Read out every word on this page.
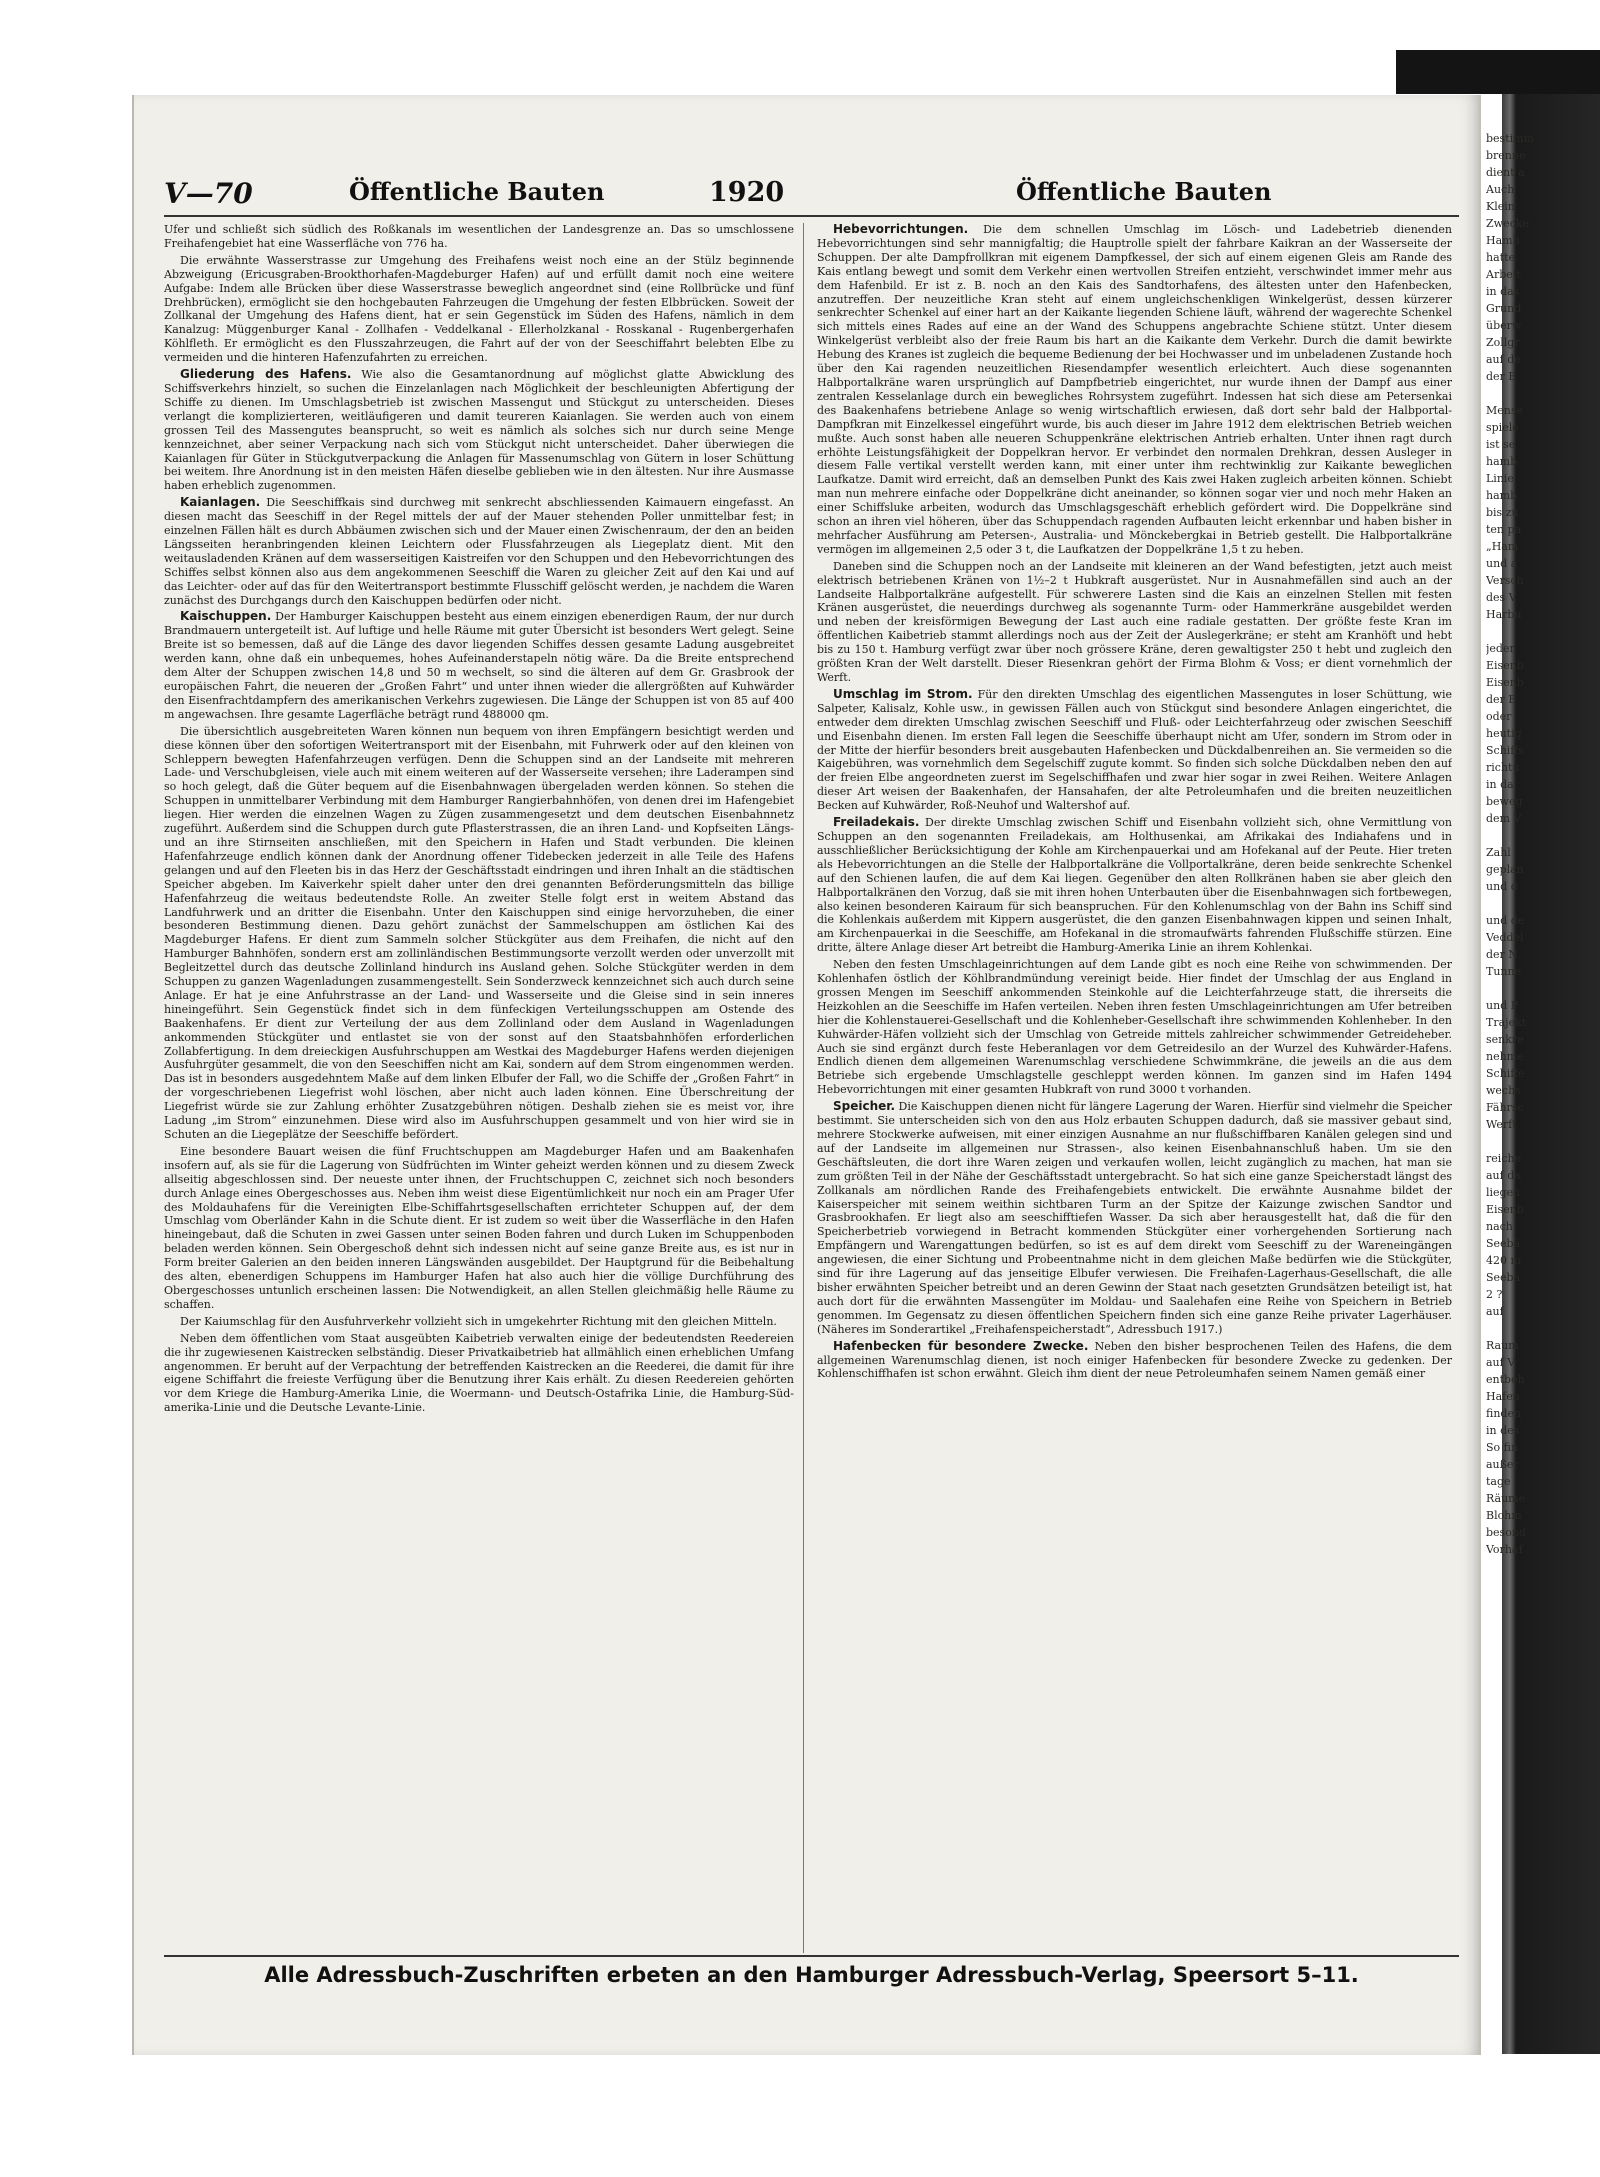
V—70	Öffentliche Bauten	1920	Öffentliche Bauten

Ufer und schließt sich südlich des Roßkanals im wesentlichen der Landesgrenze an. Das so umschlossene Freihafengebiet hat eine Wasserfläche von 776 ha.

Die erwähnte Wasserstrasse zur Umgehung des Freihafens weist noch eine an der Stülz beginnende Abzweigung (Ericusgraben-Brookthorhafen-Magdeburger Hafen) auf und erfüllt damit noch eine weitere Aufgabe: Indem alle Brücken über diese Wasserstrasse beweglich angeordnet sind (eine Rollbrücke und fünf Drehbrücken), ermöglicht sie den hochgebauten Fahrzeugen die Umgehung der festen Elbbrücken. Soweit der Zollkanal der Umgehung des Hafens dient, hat er sein Gegenstück im Süden des Hafens, nämlich in dem Kanalzug: Müggenburger Kanal - Zollhafen - Veddelkanal - Ellerholzkanal - Rosskanal - Rugenbergerhafen Köhlfleth. Er ermöglicht es den Flusszahrzeugen, die Fahrt auf der von der Seeschiffahrt belebten Elbe zu vermeiden und die hinteren Hafenzufahrten zu erreichen.

Gliederung des Hafens. Wie also die Gesamtanordnung auf möglichst glatte Abwicklung des Schiffsverkehrs hinzielt, so suchen die Einzelanlagen nach Möglichkeit der beschleunigten Abfertigung der Schiffe zu dienen. Im Umschlagsbetrieb ist zwischen Massengut und Stückgut zu unterscheiden. Dieses verlangt die komplizierteren, weitläufigeren und damit teureren Kaianlagen. Sie werden auch von einem grossen Teil des Massengutes beansprucht, so weit es nämlich als solches sich nur durch seine Menge kennzeichnet, aber seiner Verpackung nach sich vom Stückgut nicht unterscheidet. Daher überwiegen die Kaianlagen für Güter in Stückgutverpackung die Anlagen für Massenumschlag von Gütern in loser Schüttung bei weitem. Ihre Anordnung ist in den meisten Häfen dieselbe geblieben wie in den ältesten. Nur ihre Ausmasse haben erheblich zugenommen.

Kaianlagen. Die Seeschiffkais sind durchweg mit senkrecht abschliessenden Kaimauern eingefasst. An diesen macht das Seeschiff in der Regel mittels der auf der Mauer stehenden Poller unmittelbar fest; in einzelnen Fällen hält es durch Abbäumen zwischen sich und der Mauer einen Zwischenraum, der den an beiden Längsseiten heranbringenden kleinen Leichtern oder Flussfahrzeugen als Liegeplatz dient. Mit den weitausladenden Kränen auf dem wasserseitigen Kaistreifen vor den Schuppen und den Hebevorrichtungen des Schiffes selbst können also aus dem angekommenen Seeschiff die Waren zu gleicher Zeit auf den Kai und auf das Leichter- oder auf das für den Weitertransport bestimmte Flusschiff gelöscht werden, je nachdem die Waren zunächst des Durchgangs durch den Kaischuppen bedürfen oder nicht.

Kaischuppen. Der Hamburger Kaischuppen besteht aus einem einzigen ebenerdigen Raum, der nur durch Brandmauern untergeteilt ist. Auf luftige und helle Räume mit guter Übersicht ist besonders Wert gelegt. Seine Breite ist so bemessen, daß auf die Länge des davor liegenden Schiffes dessen gesamte Ladung ausgebreitet werden kann, ohne daß ein unbequemes, hohes Aufeinanderstapeln nötig wäre. Da die Breite entsprechend dem Alter der Schuppen zwischen 14,8 und 50 m wechselt, so sind die älteren auf dem Gr. Grasbrook der europäischen Fahrt, die neueren der „Großen Fahrt“ und unter ihnen wieder die allergrößten auf Kuhwärder den Eisenfrachtdampfern des amerikanischen Verkehrs zugewiesen. Die Länge der Schuppen ist von 85 auf 400 m angewachsen. Ihre gesamte Lagerfläche beträgt rund 488000 qm.

Die übersichtlich ausgebreiteten Waren können nun bequem von ihren Empfängern besichtigt werden und diese können über den sofortigen Weitertransport mit der Eisenbahn, mit Fuhrwerk oder auf den kleinen von Schleppern bewegten Hafenfahrzeugen verfügen. Denn die Schuppen sind an der Landseite mit mehreren Lade- und Verschubgleisen, viele auch mit einem weiteren auf der Wasserseite versehen; ihre Laderampen sind so hoch gelegt, daß die Güter bequem auf die Eisenbahnwagen übergeladen werden können. So stehen die Schuppen in unmittelbarer Verbindung mit dem Hamburger Rangierbahnhöfen, von denen drei im Hafengebiet liegen. Hier werden die einzelnen Wagen zu Zügen zusammengesetzt und dem deutschen Eisenbahnnetz zugeführt. Außerdem sind die Schuppen durch gute Pflasterstrassen, die an ihren Land- und Kopfseiten Längs- und an ihre Stirnseiten anschließen, mit den Speichern in Hafen und Stadt verbunden. Die kleinen Hafenfahrzeuge endlich können dank der Anordnung offener Tidebecken jederzeit in alle Teile des Hafens gelangen und auf den Fleeten bis in das Herz der Geschäftsstadt eindringen und ihren Inhalt an die städtischen Speicher abgeben. Im Kaiverkehr spielt daher unter den drei genannten Beförderungsmitteln das billige Hafenfahrzeug die weitaus bedeutendste Rolle. An zweiter Stelle folgt erst in weitem Abstand das Landfuhrwerk und an dritter die Eisenbahn. Unter den Kaischuppen sind einige hervorzuheben, die einer besonderen Bestimmung dienen. Dazu gehört zunächst der Sammelschuppen am östlichen Kai des Magdeburger Hafens. Er dient zum Sammeln solcher Stückgüter aus dem Freihafen, die nicht auf den Hamburger Bahnhöfen, sondern erst am zollinländischen Bestimmungsorte verzollt werden oder unverzollt mit Begleitzettel durch das deutsche Zollinland hindurch ins Ausland gehen. Solche Stückgüter werden in dem Schuppen zu ganzen Wagenladungen zusammengestellt. Sein Sonderzweck kennzeichnet sich auch durch seine Anlage. Er hat je eine Anfuhrstrasse an der Land- und Wasserseite und die Gleise sind in sein inneres hineingeführt. Sein Gegenstück findet sich in dem fünfeckigen Verteilungsschuppen am Ostende des Baakenhafens. Er dient zur Verteilung der aus dem Zollinland oder dem Ausland in Wagenladungen ankommenden Stückgüter und entlastet sie von der sonst auf den Staatsbahnhöfen erforderlichen Zollabfertigung. In dem dreieckigen Ausfuhrschuppen am Westkai des Magdeburger Hafens werden diejenigen Ausfuhrgüter gesammelt, die von den Seeschiffen nicht am Kai, sondern auf dem Strom eingenommen werden. Das ist in besonders ausgedehntem Maße auf dem linken Elbufer der Fall, wo die Schiffe der „Großen Fahrt“ in der vorgeschriebenen Liegefrist wohl löschen, aber nicht auch laden können. Eine Überschreitung der Liegefrist würde sie zur Zahlung erhöhter Zusatzgebühren nötigen. Deshalb ziehen sie es meist vor, ihre Ladung „im Strom“ einzunehmen. Diese wird also im Ausfuhrschuppen gesammelt und von hier wird sie in Schuten an die Liegeplätze der Seeschiffe befördert.

Eine besondere Bauart weisen die fünf Fruchtschuppen am Magdeburger Hafen und am Baakenhafen insofern auf, als sie für die Lagerung von Südfrüchten im Winter geheizt werden können und zu diesem Zweck allseitig abgeschlossen sind. Der neueste unter ihnen, der Fruchtschuppen C, zeichnet sich noch besonders durch Anlage eines Obergeschosses aus. Neben ihm weist diese Eigentümlichkeit nur noch ein am Prager Ufer des Moldauhafens für die Vereinigten Elbe-Schiffahrtsgesellschaften errichteter Schuppen auf, der dem Umschlag vom Oberländer Kahn in die Schute dient. Er ist zudem so weit über die Wasserfläche in den Hafen hineingebaut, daß die Schuten in zwei Gassen unter seinen Boden fahren und durch Luken im Schuppenboden beladen werden können. Sein Obergeschoß dehnt sich indessen nicht auf seine ganze Breite aus, es ist nur in Form breiter Galerien an den beiden inneren Längswänden ausgebildet. Der Hauptgrund für die Beibehaltung des alten, ebenerdigen Schuppens im Hamburger Hafen hat also auch hier die völlige Durchführung des Obergeschosses untunlich erscheinen lassen: Die Notwendigkeit, an allen Stellen gleichmäßig helle Räume zu schaffen.

Der Kaiumschlag für den Ausfuhrverkehr vollzieht sich in umgekehrter Richtung mit den gleichen Mitteln.

Neben dem öffentlichen vom Staat ausgeübten Kaibetrieb verwalten einige der bedeutendsten Reedereien die ihr zugewiesenen Kaistrecken selbständig. Dieser Privatkaibetrieb hat allmählich einen erheblichen Umfang angenommen. Er beruht auf der Verpachtung der betreffenden Kaistrecken an die Reederei, die damit für ihre eigene Schiffahrt die freieste Verfügung über die Benutzung ihrer Kais erhält. Zu diesen Reedereien gehörten vor dem Kriege die Hamburg-Amerika Linie, die Woermann- und Deutsch-Ostafrika Linie, die Hamburg-Süd-amerika-Linie und die Deutsche Levante-Linie.

Hebevorrichtungen. Die dem schnellen Umschlag im Lösch- und Ladebetrieb dienenden Hebevorrichtungen sind sehr mannigfaltig; die Hauptrolle spielt der fahrbare Kaikran an der Wasserseite der Schuppen. Der alte Dampfrollkran mit eigenem Dampfkessel, der sich auf einem eigenen Gleis am Rande des Kais entlang bewegt und somit dem Verkehr einen wertvollen Streifen entzieht, verschwindet immer mehr aus dem Hafenbild. Er ist z. B. noch an den Kais des Sandtorhafens, des ältesten unter den Hafenbecken, anzutreffen. Der neuzeitliche Kran steht auf einem ungleichschenkligen Winkelgerüst, dessen kürzerer senkrechter Schenkel auf einer hart an der Kaikante liegenden Schiene läuft, während der wagerechte Schenkel sich mittels eines Rades auf eine an der Wand des Schuppens angebrachte Schiene stützt. Unter diesem Winkelgerüst verbleibt also der freie Raum bis hart an die Kaikante dem Verkehr. Durch die damit bewirkte Hebung des Kranes ist zugleich die bequeme Bedienung der bei Hochwasser und im unbeladenen Zustande hoch über den Kai ragenden neuzeitlichen Riesendampfer wesentlich erleichtert. Auch diese sogenannten Halbportalkräne waren ursprünglich auf Dampfbetrieb eingerichtet, nur wurde ihnen der Dampf aus einer zentralen Kesselanlage durch ein bewegliches Rohrsystem zugeführt. Indessen hat sich diese am Petersenkai des Baakenhafens betriebene Anlage so wenig wirtschaftlich erwiesen, daß dort sehr bald der Halbportal-Dampfkran mit Einzelkessel eingeführt wurde, bis auch dieser im Jahre 1912 dem elektrischen Betrieb weichen mußte. Auch sonst haben alle neueren Schuppenkräne elektrischen Antrieb erhalten. Unter ihnen ragt durch erhöhte Leistungsfähigkeit der Doppelkran hervor. Er verbindet den normalen Drehkran, dessen Ausleger in diesem Falle vertikal verstellt werden kann, mit einer unter ihm rechtwinklig zur Kaikante beweglichen Laufkatze. Damit wird erreicht, daß an demselben Punkt des Kais zwei Haken zugleich arbeiten können. Schiebt man nun mehrere einfache oder Doppelkräne dicht aneinander, so können sogar vier und noch mehr Haken an einer Schiffsluke arbeiten, wodurch das Umschlagsgeschäft erheblich gefördert wird. Die Doppelkräne sind schon an ihren viel höheren, über das Schuppendach ragenden Aufbauten leicht erkennbar und haben bisher in mehrfacher Ausführung am Petersen-, Australia- und Mönckebergkai in Betrieb gestellt. Die Halbportalkräne vermögen im allgemeinen 2,5 oder 3 t, die Laufkatzen der Doppelkräne 1,5 t zu heben.

Daneben sind die Schuppen noch an der Landseite mit kleineren an der Wand befestigten, jetzt auch meist elektrisch betriebenen Kränen von 1½–2 t Hubkraft ausgerüstet. Nur in Ausnahmefällen sind auch an der Landseite Halbportalkräne aufgestellt. Für schwerere Lasten sind die Kais an einzelnen Stellen mit festen Kränen ausgerüstet, die neuerdings durchweg als sogenannte Turm- oder Hammerkräne ausgebildet werden und neben der kreisförmigen Bewegung der Last auch eine radiale gestatten. Der größte feste Kran im öffentlichen Kaibetrieb stammt allerdings noch aus der Zeit der Auslegerkräne; er steht am Kranhöft und hebt bis zu 150 t. Hamburg verfügt zwar über noch grössere Kräne, deren gewaltigster 250 t hebt und zugleich den größten Kran der Welt darstellt. Dieser Riesenkran gehört der Firma Blohm & Voss; er dient vornehmlich der Werft.

Umschlag im Strom. Für den direkten Umschlag des eigentlichen Massengutes in loser Schüttung, wie Salpeter, Kalisalz, Kohle usw., in gewissen Fällen auch von Stückgut sind besondere Anlagen eingerichtet, die entweder dem direkten Umschlag zwischen Seeschiff und Fluß- oder Leichterfahrzeug oder zwischen Seeschiff und Eisenbahn dienen. Im ersten Fall legen die Seeschiffe überhaupt nicht am Ufer, sondern im Strom oder in der Mitte der hierfür besonders breit ausgebauten Hafenbecken und Dückdalbenreihen an. Sie vermeiden so die Kaigebühren, was vornehmlich dem Segelschiff zugute kommt. So finden sich solche Dückdalben neben den auf der freien Elbe angeordneten zuerst im Segelschiffhafen und zwar hier sogar in zwei Reihen. Weitere Anlagen dieser Art weisen der Baakenhafen, der Hansahafen, der alte Petroleumhafen und die breiten neuzeitlichen Becken auf Kuhwärder, Roß-Neuhof und Waltershof auf.

Freiladekais. Der direkte Umschlag zwischen Schiff und Eisenbahn vollzieht sich, ohne Vermittlung von Schuppen an den sogenannten Freiladekais, am Holthusenkai, am Afrikakai des Indiahafens und in ausschließlicher Berücksichtigung der Kohle am Kirchenpauerkai und am Hofekanal auf der Peute. Hier treten als Hebevorrichtungen an die Stelle der Halbportalkräne die Vollportalkräne, deren beide senkrechte Schenkel auf den Schienen laufen, die auf dem Kai liegen. Gegenüber den alten Rollkränen haben sie aber gleich den Halbportalkränen den Vorzug, daß sie mit ihren hohen Unterbauten über die Eisenbahnwagen sich fortbewegen, also keinen besonderen Kairaum für sich beanspruchen. Für den Kohlenumschlag von der Bahn ins Schiff sind die Kohlenkais außerdem mit Kippern ausgerüstet, die den ganzen Eisenbahnwagen kippen und seinen Inhalt, am Kirchenpauerkai in die Seeschiffe, am Hofekanal in die stromaufwärts fahrenden Flußschiffe stürzen. Eine dritte, ältere Anlage dieser Art betreibt die Hamburg-Amerika Linie an ihrem Kohlenkai.

Neben den festen Umschlageinrichtungen auf dem Lande gibt es noch eine Reihe von schwimmenden. Der Kohlenhafen östlich der Köhlbrandmündung vereinigt beide. Hier findet der Umschlag der aus England in grossen Mengen im Seeschiff ankommenden Steinkohle auf die Leichterfahrzeuge statt, die ihrerseits die Heizkohlen an die Seeschiffe im Hafen verteilen. Neben ihren festen Umschlageinrichtungen am Ufer betreiben hier die Kohlenstauerei-Gesellschaft und die Kohlenheber-Gesellschaft ihre schwimmenden Kohlenheber. In den Kuhwärder-Häfen vollzieht sich der Umschlag von Getreide mittels zahlreicher schwimmender Getreideheber. Auch sie sind ergänzt durch feste Heberanlagen vor dem Getreidesilo an der Wurzel des Kuhwärder-Hafens. Endlich dienen dem allgemeinen Warenumschlag verschiedene Schwimmkräne, die jeweils an die aus dem Betriebe sich ergebende Umschlagstelle geschleppt werden können. Im ganzen sind im Hafen 1494 Hebevorrichtungen mit einer gesamten Hubkraft von rund 3000 t vorhanden.

Speicher. Die Kaischuppen dienen nicht für längere Lagerung der Waren. Hierfür sind vielmehr die Speicher bestimmt. Sie unterscheiden sich von den aus Holz erbauten Schuppen dadurch, daß sie massiver gebaut sind, mehrere Stockwerke aufweisen, mit einer einzigen Ausnahme an nur flußschiffbaren Kanälen gelegen sind und auf der Landseite im allgemeinen nur Strassen-, also keinen Eisenbahnanschluß haben. Um sie den Geschäftsleuten, die dort ihre Waren zeigen und verkaufen wollen, leicht zugänglich zu machen, hat man sie zum größten Teil in der Nähe der Geschäftsstadt untergebracht. So hat sich eine ganze Speicherstadt längst des Zollkanals am nördlichen Rande des Freihafengebiets entwickelt. Die erwähnte Ausnahme bildet der Kaiserspeicher mit seinem weithin sichtbaren Turm an der Spitze der Kaizunge zwischen Sandtor und Grasbrookhafen. Er liegt also am seeschifftiefen Wasser. Da sich aber herausgestellt hat, daß die für den Speicherbetrieb vorwiegend in Betracht kommenden Stückgüter einer vorhergehenden Sortierung nach Empfängern und Warengattungen bedürfen, so ist es auf dem direkt vom Seeschiff zu der Wareneingängen angewiesen, die einer Sichtung und Probeentnahme nicht in dem gleichen Maße bedürfen wie die Stückgüter, sind für ihre Lagerung auf das jenseitige Elbufer verwiesen. Die Freihafen-Lagerhaus-Gesellschaft, die alle bisher erwähnten Speicher betreibt und an deren Gewinn der Staat nach gesetzten Grundsätzen beteiligt ist, hat auch dort für die erwähnten Massengüter im Moldau- und Saalehafen eine Reihe von Speichern in Betrieb genommen. Im Gegensatz zu diesen öffentlichen Speichern finden sich eine ganze Reihe privater Lagerhäuser. (Näheres im Sonderartikel „Freihafenspeicherstadt“, Adressbuch 1917.)

Hafenbecken für besondere Zwecke. Neben den bisher besprochenen Teilen des Hafens, die dem allgemeinen Warenumschlag dienen, ist noch einiger Hafenbecken für besondere Zwecke zu gedenken. Der Kohlenschiffhafen ist schon erwähnt. Gleich ihm dient der neue Petroleumhafen seinem Namen gemäß einer

Alle Adressbuch-Zuschriften erbeten an den Hamburger Adressbuch-Verlag, Speersort 5–11.
bestimm
brenne
dient a
Auch
Klein
Zwecke
Hamb
hatte.
Arbeit
in das
Grund
überw
Zollgr
auf de
der E

Mense
spiele
ist se
hamb
Linie
hamb
bis zu
ten pa
„Ham
und a
Versch
des V
Harbu

jeder
Eisenb
Eisenb
der E
oder
heutig
Schiffs
richtu
in da
beweg
dem V

Zahl
geplan
und d

und de
Veddel
der N
Tunne

und P
Trajekt
senkre
nehme
Schiffe
wechs
Fährsc
Werft

reiche
auf da
liegen
Eisenb
nach
Seebä
420 m
Seebä
2 ?
auf

Raum
auf V
entbeh
Hafen
finden
in des
So fin
außer
tage
Räume
Blohm
besond
Vorhaf
